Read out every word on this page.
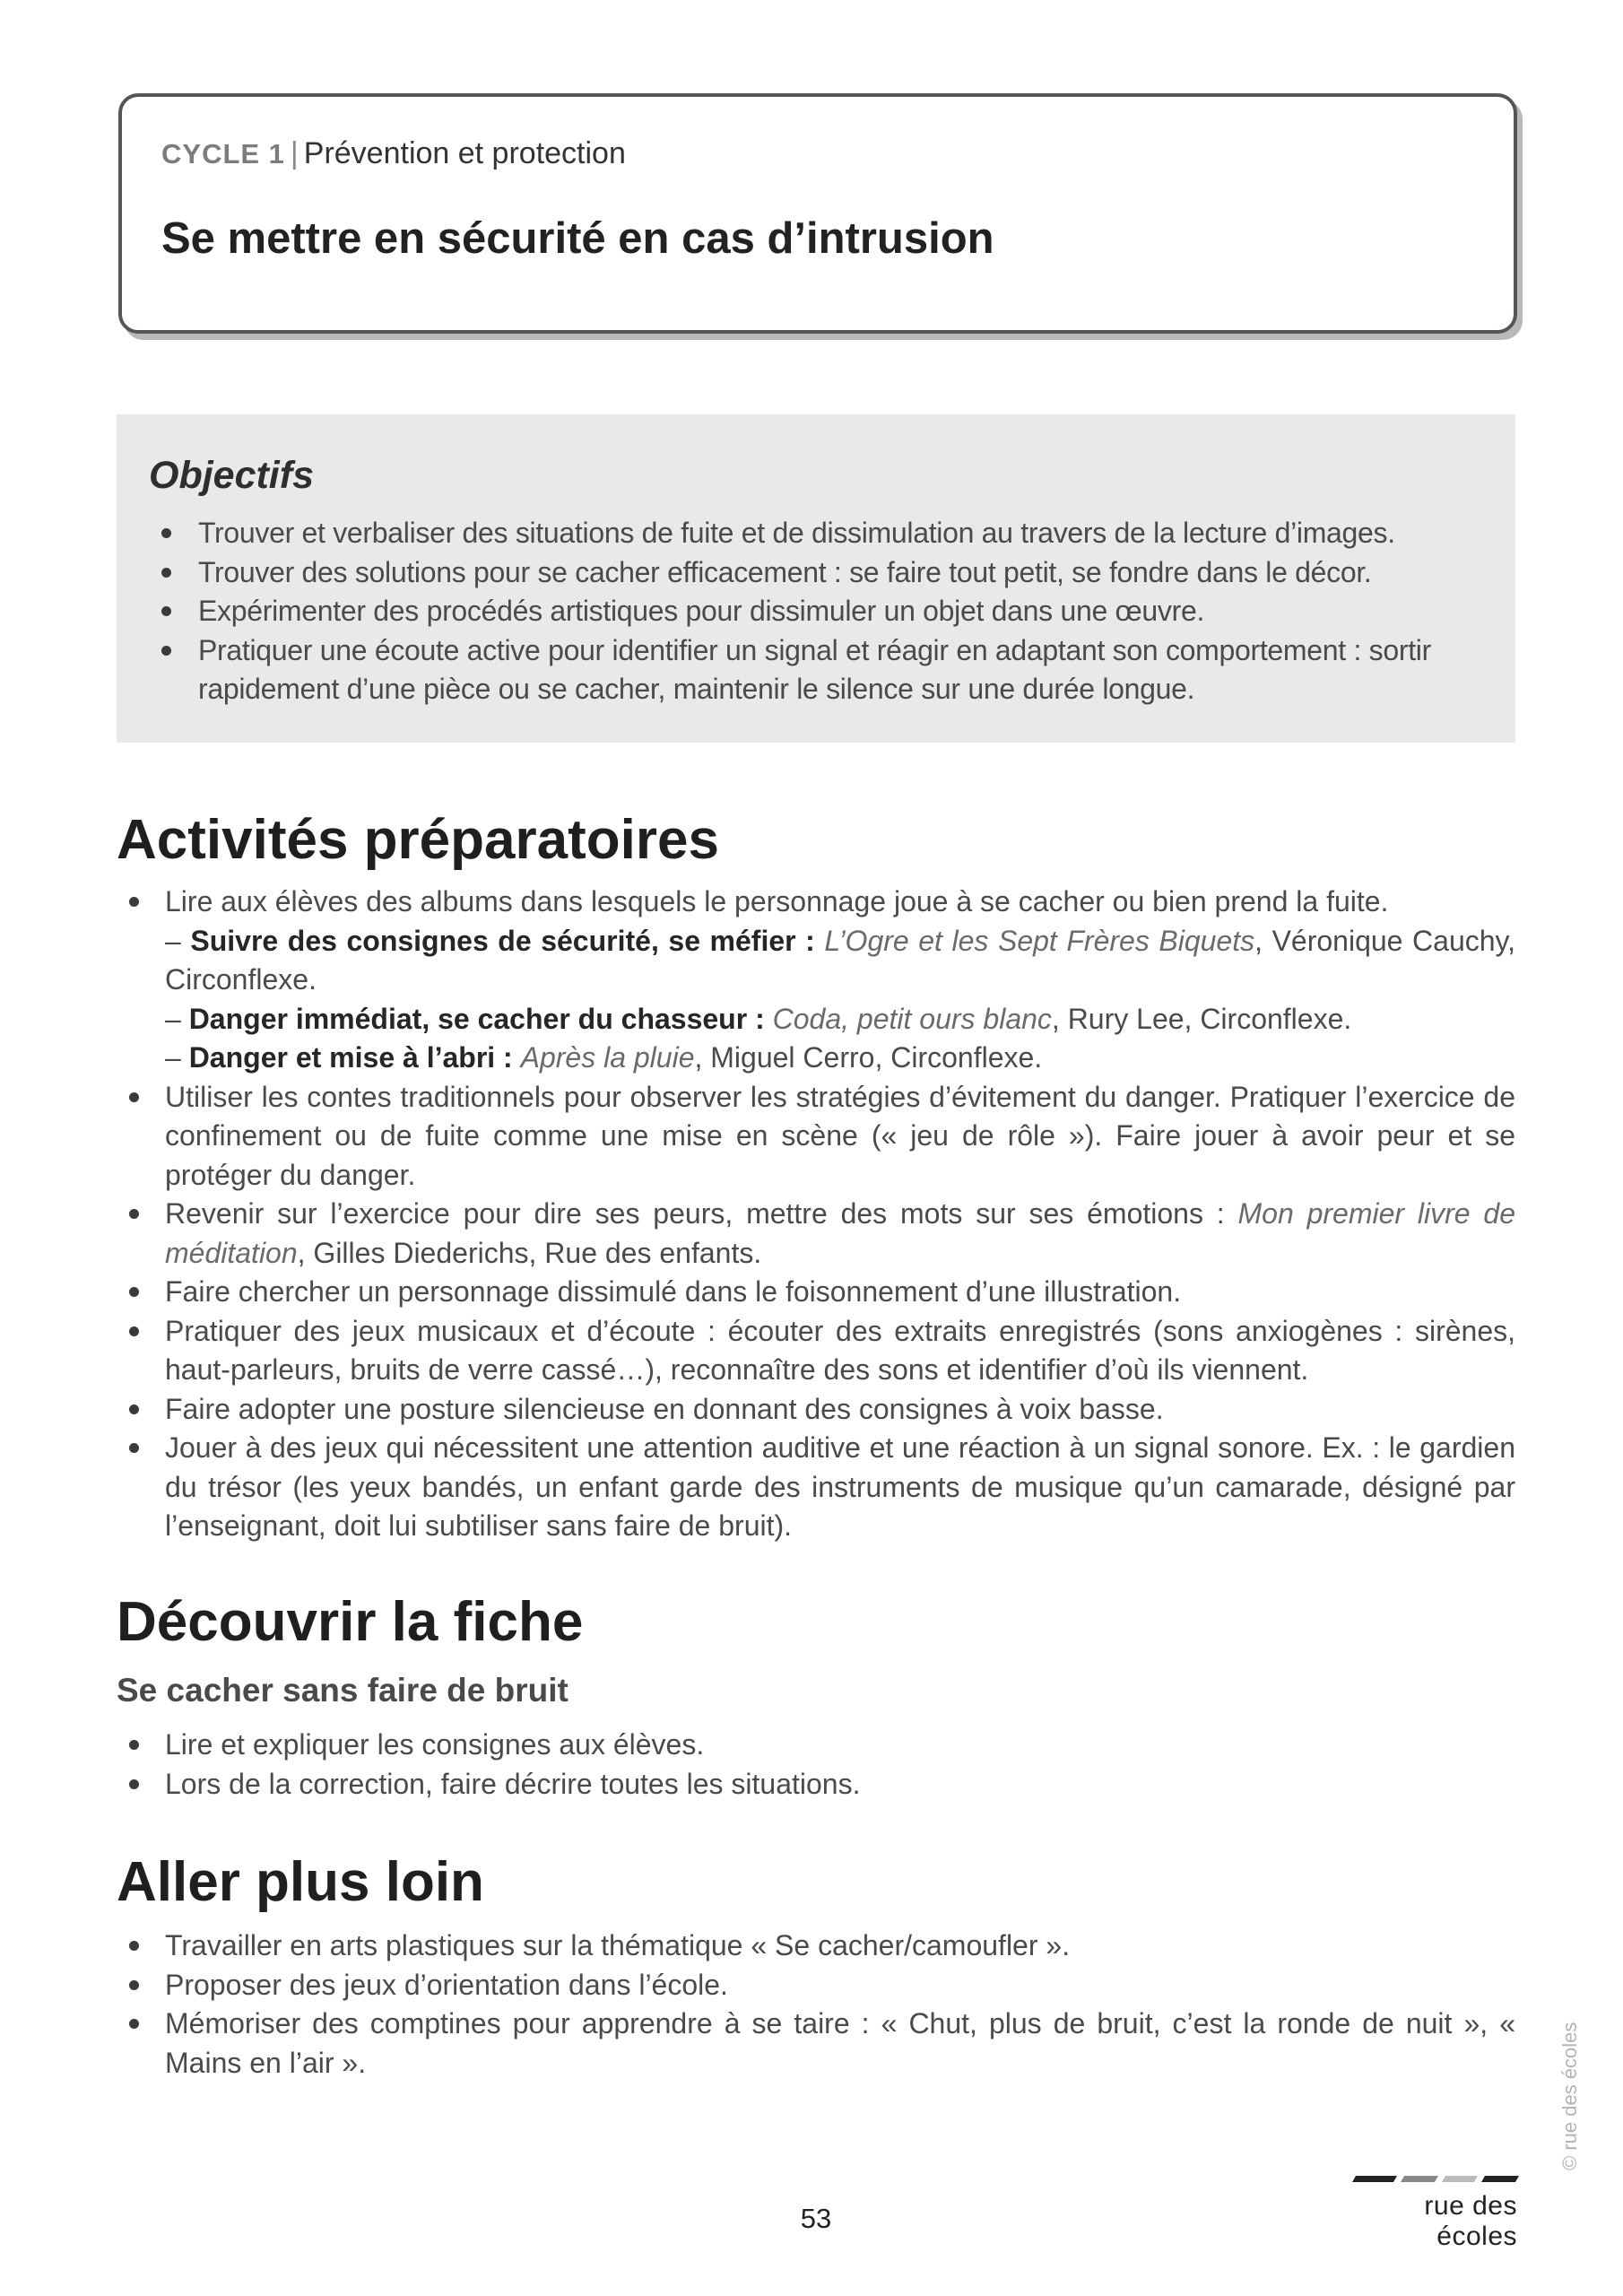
CYCLE 1 | Prévention et protection
Se mettre en sécurité en cas d’intrusion
Objectifs
Trouver et verbaliser des situations de fuite et de dissimulation au travers de la lecture d’images.
Trouver des solutions pour se cacher efficacement : se faire tout petit, se fondre dans le décor.
Expérimenter des procédés artistiques pour dissimuler un objet dans une œuvre.
Pratiquer une écoute active pour identifier un signal et réagir en adaptant son comportement : sortir rapidement d’une pièce ou se cacher, maintenir le silence sur une durée longue.
Activités préparatoires
Lire aux élèves des albums dans lesquels le personnage joue à se cacher ou bien prend la fuite.
– Suivre des consignes de sécurité, se méfier : L’Ogre et les Sept Frères Biquets, Véronique Cauchy, Circonflexe.
– Danger immédiat, se cacher du chasseur : Coda, petit ours blanc, Rury Lee, Circonflexe.
– Danger et mise à l’abri : Après la pluie, Miguel Cerro, Circonflexe.
Utiliser les contes traditionnels pour observer les stratégies d’évitement du danger. Pratiquer l’exercice de confinement ou de fuite comme une mise en scène (« jeu de rôle »). Faire jouer à avoir peur et se protéger du danger.
Revenir sur l’exercice pour dire ses peurs, mettre des mots sur ses émotions : Mon premier livre de méditation, Gilles Diederichs, Rue des enfants.
Faire chercher un personnage dissimulé dans le foisonnement d’une illustration.
Pratiquer des jeux musicaux et d’écoute : écouter des extraits enregistrés (sons anxiogènes : sirènes, haut-parleurs, bruits de verre cassé…), reconnaître des sons et identifier d’où ils viennent.
Faire adopter une posture silencieuse en donnant des consignes à voix basse.
Jouer à des jeux qui nécessitent une attention auditive et une réaction à un signal sonore. Ex. : le gardien du trésor (les yeux bandés, un enfant garde des instruments de musique qu’un camarade, désigné par l’enseignant, doit lui subtiliser sans faire de bruit).
Découvrir la fiche
Se cacher sans faire de bruit
Lire et expliquer les consignes aux élèves.
Lors de la correction, faire décrire toutes les situations.
Aller plus loin
Travailler en arts plastiques sur la thématique « Se cacher/camoufler ».
Proposer des jeux d’orientation dans l’école.
Mémoriser des comptines pour apprendre à se taire : « Chut, plus de bruit, c’est la ronde de nuit », « Mains en l’air ».	© rue des écoles
53	rue des écoles
